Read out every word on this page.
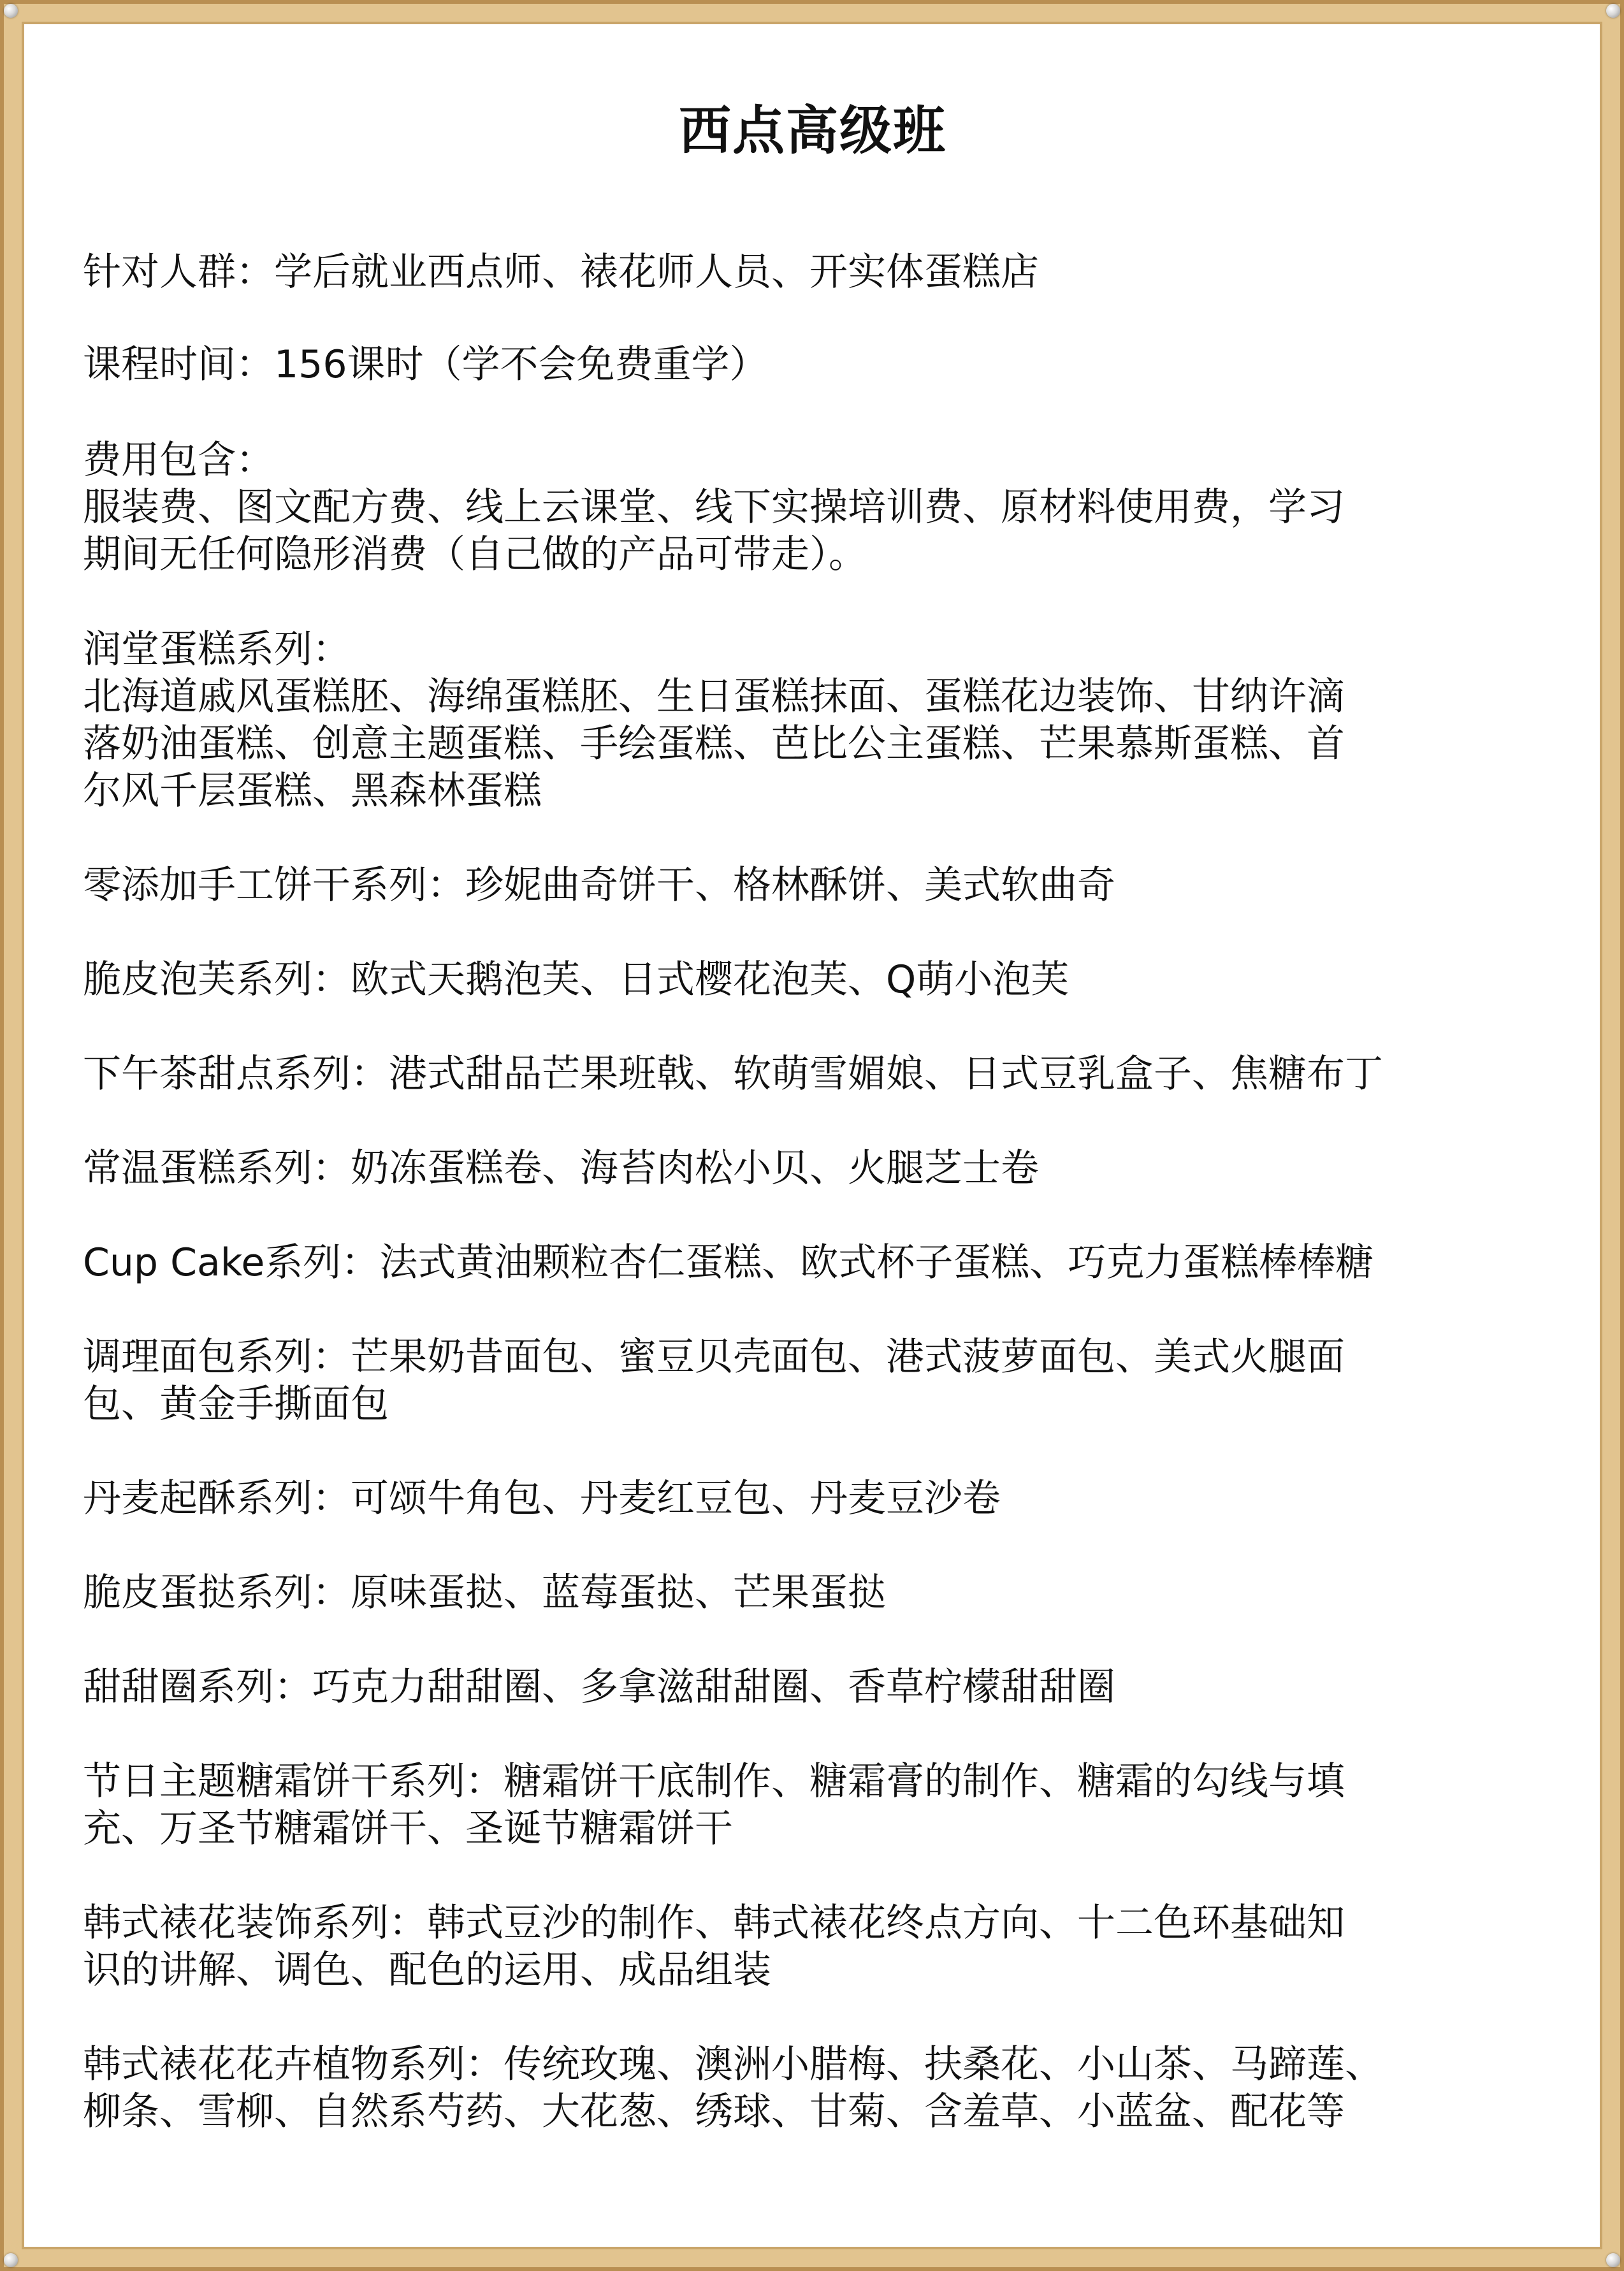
西点高级班
针对人群：学后就业西点师、裱花师人员、开实体蛋糕店
课程时间：156课时（学不会免费重学）
费用包含：
服装费、图文配方费、线上云课堂、线下实操培训费、原材料使用费，学习
期间无任何隐形消费（自己做的产品可带走）。
润堂蛋糕系列：
北海道戚风蛋糕胚、海绵蛋糕胚、生日蛋糕抹面、蛋糕花边装饰、甘纳许滴
落奶油蛋糕、创意主题蛋糕、手绘蛋糕、芭比公主蛋糕、芒果慕斯蛋糕、首
尔风千层蛋糕、黑森林蛋糕
零添加手工饼干系列：珍妮曲奇饼干、格林酥饼、美式软曲奇
脆皮泡芙系列：欧式天鹅泡芙、日式樱花泡芙、Q萌小泡芙
下午茶甜点系列：港式甜品芒果班戟、软萌雪媚娘、日式豆乳盒子、焦糖布丁
常温蛋糕系列：奶冻蛋糕卷、海苔肉松小贝、火腿芝士卷
Cup Cake系列：法式黄油颗粒杏仁蛋糕、欧式杯子蛋糕、巧克力蛋糕棒棒糖
调理面包系列：芒果奶昔面包、蜜豆贝壳面包、港式菠萝面包、美式火腿面
包、黄金手撕面包
丹麦起酥系列：可颂牛角包、丹麦红豆包、丹麦豆沙卷
脆皮蛋挞系列：原味蛋挞、蓝莓蛋挞、芒果蛋挞
甜甜圈系列：巧克力甜甜圈、多拿滋甜甜圈、香草柠檬甜甜圈
节日主题糖霜饼干系列：糖霜饼干底制作、糖霜膏的制作、糖霜的勾线与填
充、万圣节糖霜饼干、圣诞节糖霜饼干
韩式裱花装饰系列：韩式豆沙的制作、韩式裱花终点方向、十二色环基础知
识的讲解、调色、配色的运用、成品组装
韩式裱花花卉植物系列：传统玫瑰、澳洲小腊梅、扶桑花、小山茶、马蹄莲、
柳条、雪柳、自然系芍药、大花葱、绣球、甘菊、含羞草、小蓝盆、配花等
